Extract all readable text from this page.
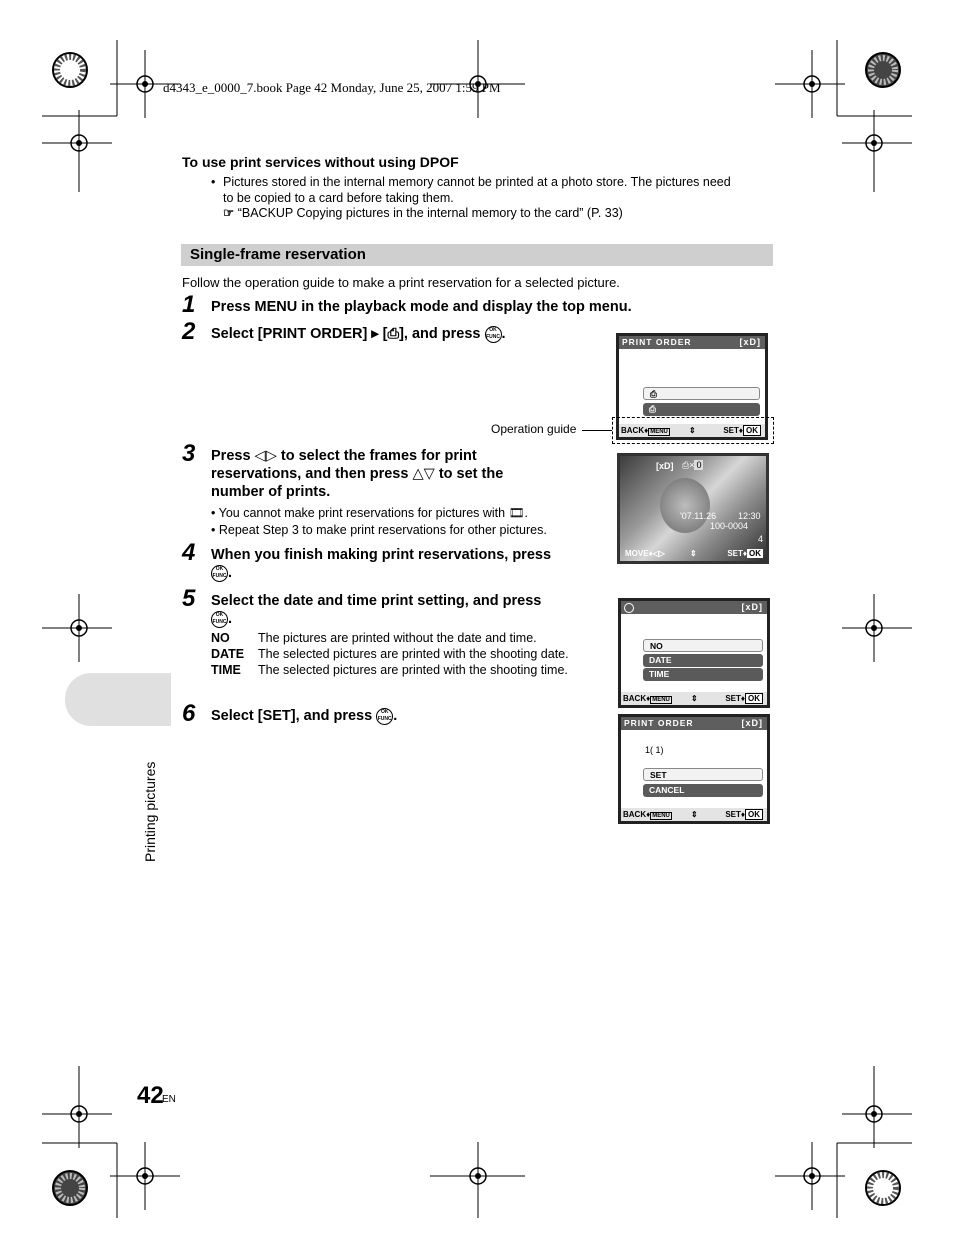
d4343_e_0000_7.book Page 42 Monday, June 25, 2007 1:59 PM
To use print services without using DPOF
• Pictures stored in the internal memory cannot be printed at a photo store. The pictures need
to be copied to a card before taking them.
☞ “BACKUP Copying pictures in the internal memory to the card” (P. 33)
Single-frame reservation
Follow the operation guide to make a print reservation for a selected picture.
1 Press MENU in the playback mode and display the top menu.
2 Select [PRINT ORDER] ▸ [⎙], and press OK
FUNC .	PRINT ORDER	[xD]
⎙
⎙
BACK♦ MENU	⇕	SET♦ OK
Operation guide
3 Press ◁▷ to select the frames for print
reservations, and then press △▽ to set the
number of prints.
• You cannot make print reservations for pictures with 🎞.
• Repeat Step 3 to make print reservations for other pictures.
[xD] ⎙× 0
'07.11.26 12:30
100-0004
4
MOVE♦◁▷	⇕	SET♦ OK
4 When you finish making print reservations, press
OK
FUNC .
5 Select the date and time print setting, and press
OK
FUNC .
NO The pictures are printed without the date and time.
DATE The selected pictures are printed with the shooting date.
TIME The selected pictures are printed with the shooting time.
[xD]
NO
DATE
TIME
BACK♦ MENU	⇕	SET♦ OK
6 Select [SET], and press OK
FUNC .	PRINT ORDER	[xD]
1( 1)
SET
CANCEL
BACK♦ MENU	⇕	SET♦ OK
Printing pictures
42
EN
